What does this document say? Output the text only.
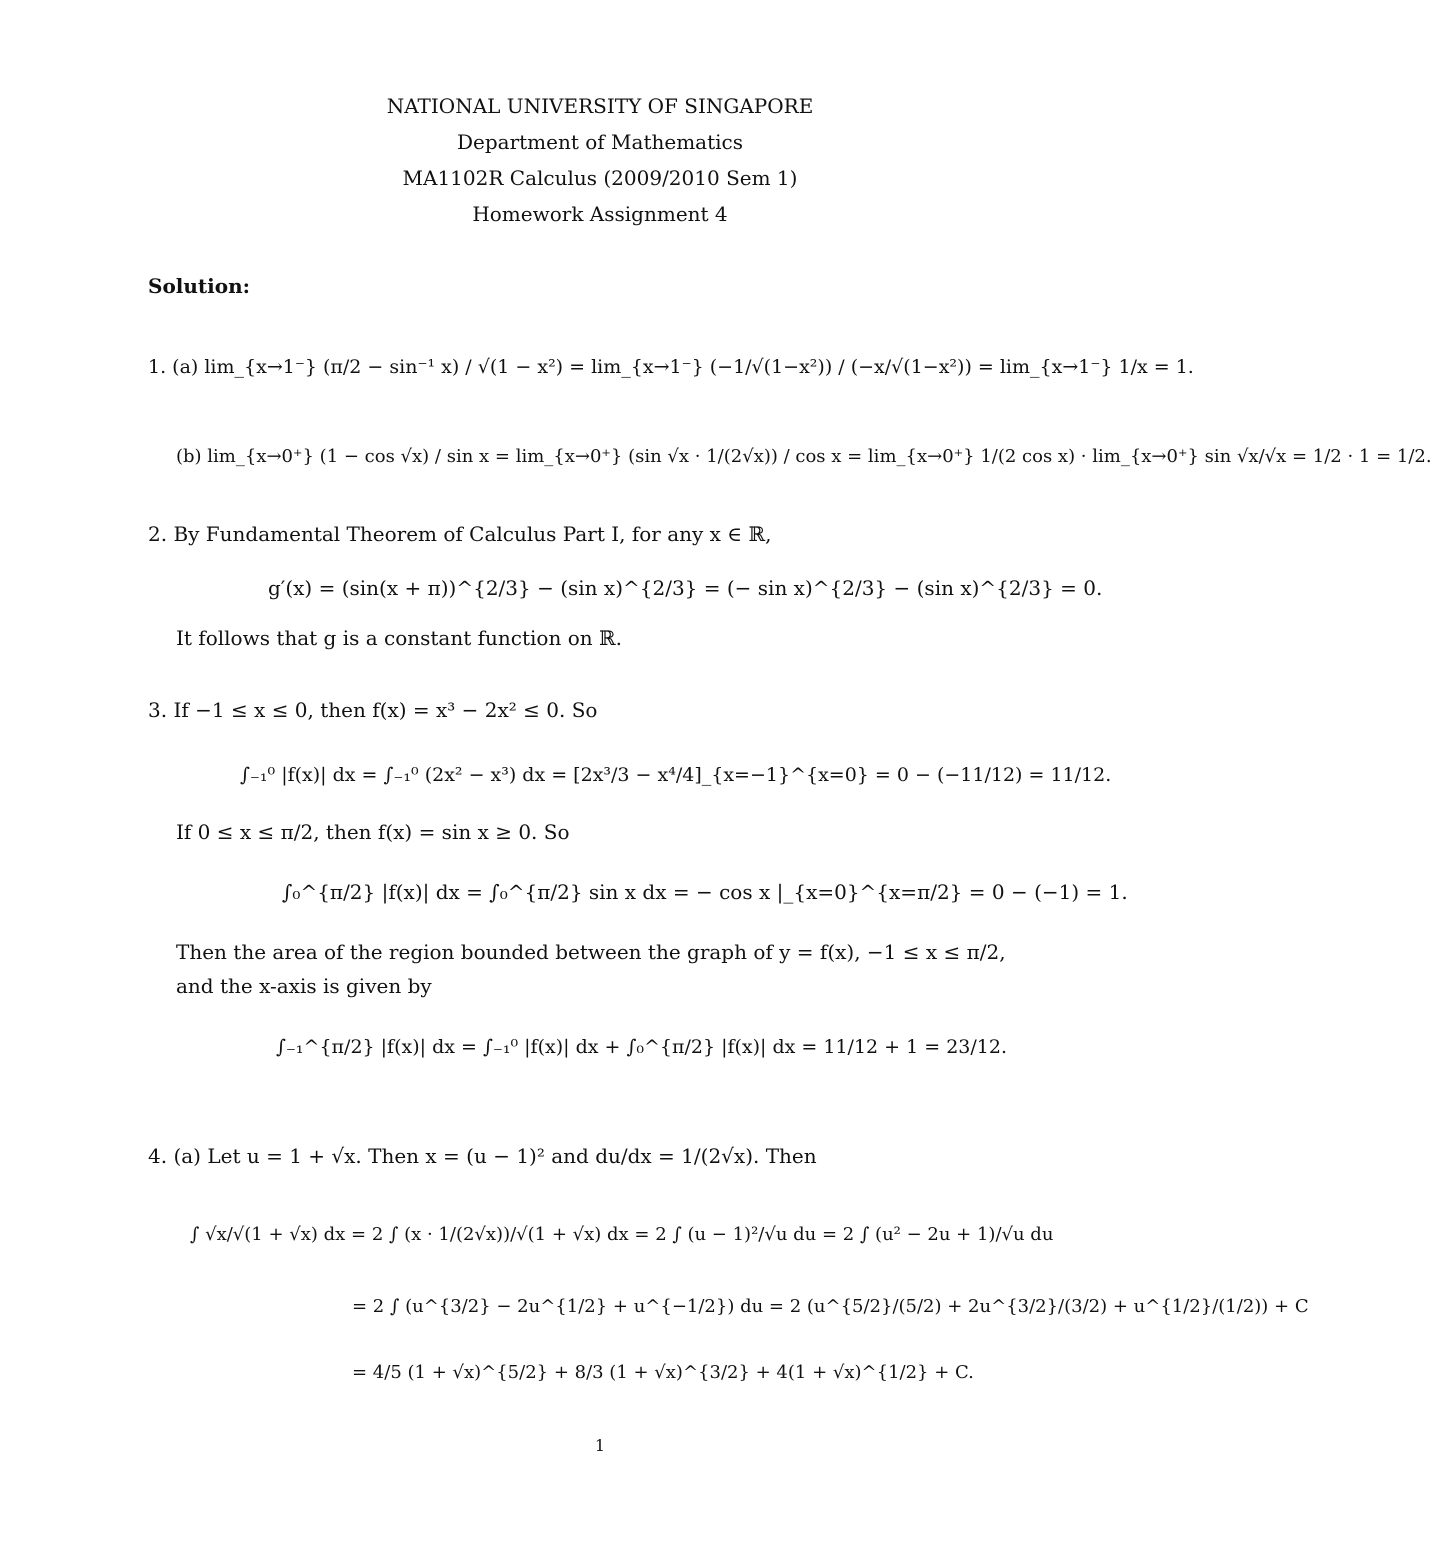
NATIONAL UNIVERSITY OF SINGAPORE
Department of Mathematics
MA1102R Calculus (2009/2010 Sem 1)
Homework Assignment 4
Solution:
1. (a) lim_{x→1⁻} (π/2 − sin⁻¹ x) / √(1 − x²) = lim_{x→1⁻} (−1/√(1−x²)) / (−x/√(1−x²)) = lim_{x→1⁻} 1/x = 1.
(b) lim_{x→0⁺} (1 − cos √x) / sin x = lim_{x→0⁺} (sin √x · 1/(2√x)) / cos x = lim_{x→0⁺} 1/(2 cos x) · lim_{x→0⁺} sin √x/√x = 1/2 · 1 = 1/2.
2. By Fundamental Theorem of Calculus Part I, for any x ∈ ℝ,
g′(x) = (sin(x + π))^{2/3} − (sin x)^{2/3} = (− sin x)^{2/3} − (sin x)^{2/3} = 0.
It follows that g is a constant function on ℝ.
3. If −1 ≤ x ≤ 0, then f(x) = x³ − 2x² ≤ 0. So
∫₋₁⁰ |f(x)| dx = ∫₋₁⁰ (2x² − x³) dx = [2x³/3 − x⁴/4]_{x=−1}^{x=0} = 0 − (−11/12) = 11/12.
If 0 ≤ x ≤ π/2, then f(x) = sin x ≥ 0. So
∫₀^{π/2} |f(x)| dx = ∫₀^{π/2} sin x dx = − cos x |_{x=0}^{x=π/2} = 0 − (−1) = 1.
Then the area of the region bounded between the graph of y = f(x), −1 ≤ x ≤ π/2,
and the x-axis is given by
∫₋₁^{π/2} |f(x)| dx = ∫₋₁⁰ |f(x)| dx + ∫₀^{π/2} |f(x)| dx = 11/12 + 1 = 23/12.
4. (a) Let u = 1 + √x. Then x = (u − 1)² and du/dx = 1/(2√x). Then
∫ √x/√(1 + √x) dx = 2 ∫ (x · 1/(2√x))/√(1 + √x) dx = 2 ∫ (u − 1)²/√u du = 2 ∫ (u² − 2u + 1)/√u du
= 2 ∫ (u^{3/2} − 2u^{1/2} + u^{−1/2}) du = 2 (u^{5/2}/(5/2) + 2u^{3/2}/(3/2) + u^{1/2}/(1/2)) + C
= 4/5 (1 + √x)^{5/2} + 8/3 (1 + √x)^{3/2} + 4(1 + √x)^{1/2} + C.
1
